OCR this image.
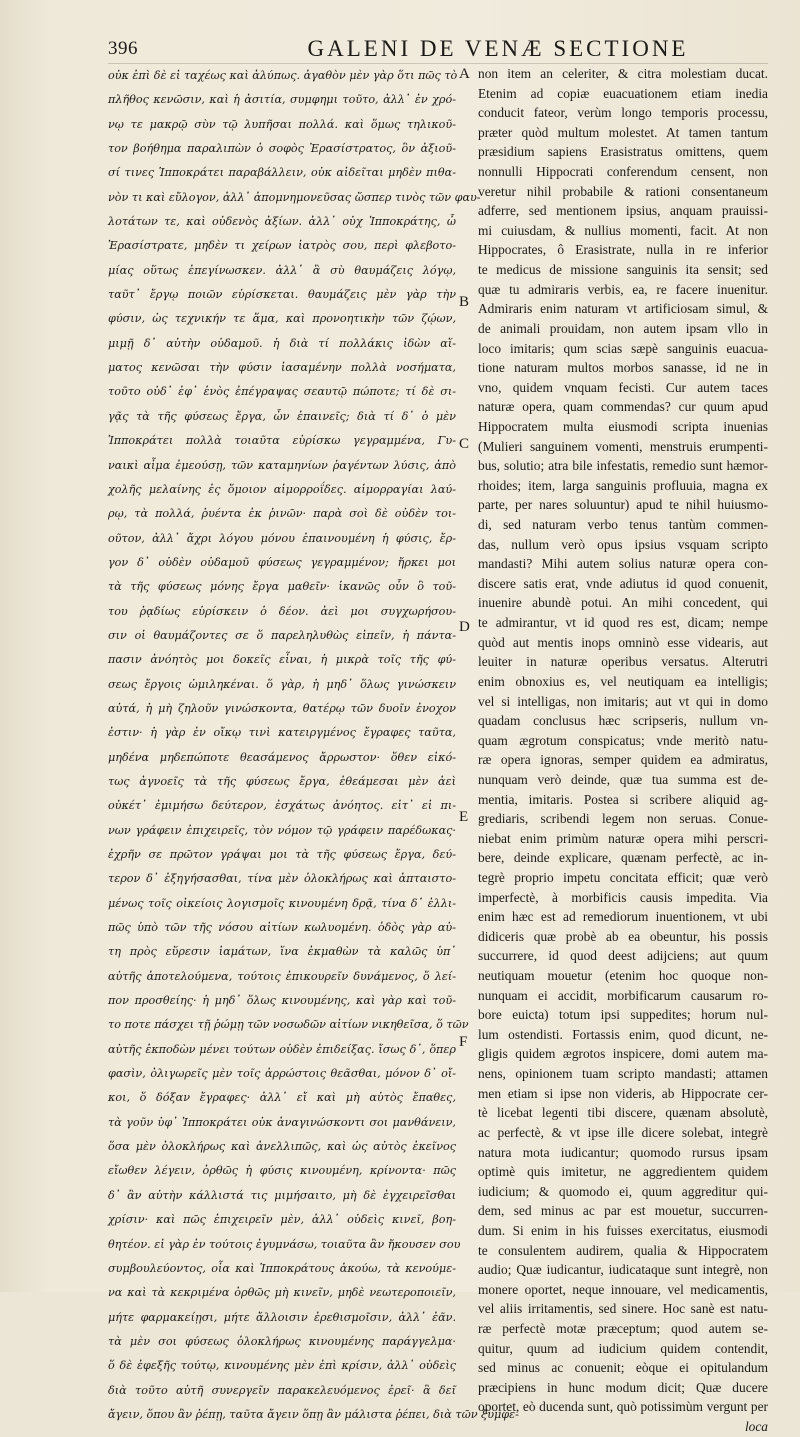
396	GALENI DE VENÆ SECTIONE
οὐκ ἐπὶ δὲ εἰ ταχέως καὶ ἀλύπως. ἀγαθὸν μὲν γὰρ ὅτι πῶς τὸ
πλῆθος κενῶσιν, καὶ ἡ ἀσιτία, συμφημι τοῦτο, ἀλλ᾽ ἐν χρό-
νῳ τε μακρῷ σὺν τῷ λυπῆσαι πολλά. καὶ ὅμως τηλικοῦ-
τον βοήθημα παραλιπὼν ὁ σοφὸς Ἐρασίστρατος, ὃν ἀξιοῦ-
σί τινες Ἱπποκράτει παραβάλλειν, οὐκ αἰδεῖται μηδὲν πιθα-
νὸν τι καὶ εὔλογον, ἀλλ᾽ ἀπομνημονεῦσας ὥσπερ τινὸς τῶν φαυ-
λοτάτων τε, καὶ οὐδενὸς ἀξίων. ἀλλ᾽ οὐχ Ἱπποκράτης, ὦ
Ἐρασίστρατε, μηδὲν τι χείρων ἰατρὸς σου, περὶ φλεβοτο-
μίας οὕτως ἐπεγίνωσκεν. ἀλλ᾽ ἃ σὺ θαυμάζεις λόγῳ,
ταῦτ᾽ ἔργῳ ποιῶν εὑρίσκεται. θαυμάζεις μὲν γὰρ τὴν
φύσιν, ὡς τεχνικήν τε ἅμα, καὶ προνοητικὴν τῶν ζῴων,
μιμῇ δ᾽ αὐτὴν οὐδαμοῦ. ἡ διὰ τί πολλάκις ἰδὼν αἵ-
ματος κενῶσαι τὴν φύσιν ἰασαμένην πολλὰ νοσήματα,
τοῦτο οὐδ᾽ ἐφ᾽ ἑνὸς ἐπέγραψας σεαυτῷ πώποτε; τί δὲ σι-
γᾷς τὰ τῆς φύσεως ἔργα, ὧν ἐπαινεῖς; διὰ τί δ᾽ ὁ μὲν
Ἱπποκράτει πολλὰ τοιαῦτα εὑρίσκω γεγραμμένα, Γυ-
ναικὶ αἷμα ἐμεούσῃ, τῶν καταμηνίων ῥαγέντων λύσις, ἀπὸ
χολῆς μελαίνης ἐς ὅμοιον αἱμορροΐδες. αἱμορραγίαι λαύ-
ρῳ, τὰ πολλά, ῥυέντα ἐκ ῥινῶν· παρὰ σοὶ δὲ οὐδὲν τοι-
οῦτον, ἀλλ᾽ ἄχρι λόγου μόνου ἐπαινουμένη ἡ φύσις, ἔρ-
γον δ᾽ οὐδὲν οὐδαμοῦ φύσεως γεγραμμένον; ἤρκει μοι
τὰ τῆς φύσεως μόνης ἔργα μαθεῖν· ἱκανῶς οὖν ὃ τοῦ-
του ῥᾳδίως εὑρίσκειν ὁ δέον. ἀεὶ μοι συγχωρήσου-
σιν οἱ θαυμάζοντες σε ὅ παρεληλυθὼς εἰπεῖν, ἡ πάντα-
πασιν ἀνόητὸς μοι δοκεῖς εἶναι, ἡ μικρὰ τοῖς τῆς φύ-
σεως ἔργοις ὡμιληκέναι. ὅ γὰρ, ἡ μηδ᾽ ὅλως γινώσκειν
αὐτά, ἡ μὴ ζηλοῦν γινώσκοντα, θατέρῳ τῶν δυοῖν ἐνοχον
ἐστιν· ἡ γὰρ ἐν οἴκῳ τινὶ κατειργμένος ἔγραφες ταῦτα,
μηδένα μηδεπώποτε θεασάμενος ἄρρωστον· ὅθεν εἰκό-
τως ἀγνοεῖς τὰ τῆς φύσεως ἔργα, ἐθεάμεσαι μὲν ἀεὶ
οὐκέτ᾽ ἐμιμήσω δεύτερον, ἐσχάτως ἀνόητος. εἰτ᾽ εἰ πι-
νων γράφειν ἐπιχειρεῖς, τὸν νόμον τῷ γράφειν παρέδωκας·
ἐχρῆν σε πρῶτον γράψαι μοι τὰ τῆς φύσεως ἔργα, δεύ-
τερον δ᾽ ἐξηγήσασθαι, τίνα μὲν ὁλοκλήρως καὶ ἀπταιστο-
μένως τοῖς οἰκείοις λογισμοῖς κινουμένη δρᾷ, τίνα δ᾽ ἐλλι-
πῶς ὑπὸ τῶν τῆς νόσου αἰτίων κωλυομένη. ὁδὸς γὰρ αὐ-
τη πρὸς εὕρεσιν ἰαμάτων, ἵνα ἐκμαθὼν τὰ καλῶς ὑπ᾽
αὐτῆς ἀποτελούμενα, τούτοις ἐπικουρεῖν δυνάμενος, ὅ λεί-
πον προσθείης· ἡ μηδ᾽ ὅλως κινουμένης, καὶ γὰρ καὶ τοῦ-
το ποτε πάσχει τῇ ῥώμῃ τῶν νοσωδῶν αἰτίων νικηθεῖσα, ὅ τῶν
αὐτῆς ἐκποδὼν μένει τούτων οὐδὲν ἐπιδείξας. ἴσως δ᾽, ὅπερ
φασὶν, ὀλιγωρεῖς μὲν τοῖς ἀρρώστοις θεᾶσθαι, μόνον δ᾽ οἴ-
κοι, ὅ δόξαν ἔγραφες· ἀλλ᾽ εἴ καὶ μὴ αὐτὸς ἔπαθες,
τὰ γοῦν ὑφ᾽ Ἱπποκράτει οὐκ ἀναγινώσκοντι σοι μανθάνειν,
ὅσα μὲν ὁλοκλήρως καὶ ἀνελλιπῶς, καὶ ὡς αὐτὸς ἐκεῖνος
εἴωθεν λέγειν, ὀρθῶς ἡ φύσις κινουμένη, κρίνοντα· πῶς
δ᾽ ἂν αὐτὴν κάλλιστά τις μιμήσαιτο, μὴ δὲ ἐγχειρεῖσθαι
χρίσιν· καὶ πῶς ἐπιχειρεῖν μὲν, ἀλλ᾽ οὐδεὶς κινεῖ, βοη-
θητέον. εἰ γὰρ ἐν τούτοις ἐγυμνάσω, τοιαῦτα ἂν ἤκουσεν σου
συμβουλεύοντος, οἷα καὶ Ἱπποκράτους ἀκούω, τὰ κενούμε-
να καὶ τὰ κεκριμένα ὀρθῶς μὴ κινεῖν, μηδὲ νεωτεροποιεῖν,
μήτε φαρμακείῃσι, μήτε ἄλλοισιν ἐρεθισμοῖσιν, ἀλλ᾽ ἐᾶν.
τὰ μὲν σοι φύσεως ὁλοκλήρως κινουμένης παράγγελμα·
ὅ δὲ ἐφεξῆς τούτῳ, κινουμένης μὲν ἐπὶ κρίσιν, ἀλλ᾽ οὐδεὶς
διὰ τοῦτο αὐτῆ συνεργεῖν παρακελευόμενος ἐρεῖ· ἃ δεῖ
ἄγειν, ὅπου ἂν ῥέπῃ, ταῦτα ἄγειν ὅπῃ ἂν μάλιστα ῥέπει, διὰ τῶν ξυμφε-
A
B
C
D
E
F
non item an celeriter, & citra molestiam ducat.
Etenim ad copiæ euacuationem etiam inedia
conducit fateor, verùm longo temporis processu,
præter quòd multum molestet. At tamen tantum
præsidium sapiens Erasistratus omittens, quem
nonnulli Hippocrati conferendum censent, non
veretur nihil probabile & rationi consentaneum
adferre, sed mentionem ipsius, anquam prauissi-
mi cuiusdam, & nullius momenti, facit. At non
Hippocrates, ô Erasistrate, nulla in re inferior
te medicus de missione sanguinis ita sensit; sed
quæ tu admiraris verbis, ea, re facere inuenitur.
Admiraris enim naturam vt artificiosam simul, &
de animali prouidam, non autem ipsam vllo in
loco imitaris; qum scias sæpè sanguinis euacua-
tione naturam multos morbos sanasse, id ne in
vno, quidem vnquam fecisti. Cur autem taces
naturæ opera, quam commendas? cur quum apud
Hippocratem multa eiusmodi scripta inuenias
(Mulieri sanguinem vomenti, menstruis erumpenti-
bus, solutio; atra bile infestatis, remedio sunt hæmor-
rhoides; item, larga sanguinis profluuia, magna ex
parte, per nares soluuntur) apud te nihil huiusmo-
di, sed naturam verbo tenus tantùm commen-
das, nullum verò opus ipsius vsquam scripto
mandasti? Mihi autem solius naturæ opera con-
discere satis erat, vnde adiutus id quod conuenit,
inuenire abundè potui. An mihi concedent, qui
te admirantur, vt id quod res est, dicam; nempe
quòd aut mentis inops omninò esse videaris, aut
leuiter in naturæ operibus versatus. Alterutri
enim obnoxius es, vel neutiquam ea intelligis;
vel si intelligas, non imitaris; aut vt qui in domo
quadam conclusus hæc scripseris, nullum vn-
quam ægrotum conspicatus; vnde meritò natu-
ræ opera ignoras, semper quidem ea admiratus,
nunquam verò deinde, quæ tua summa est de-
mentia, imitaris. Postea si scribere aliquid ag-
grediaris, scribendi legem non seruas. Conue-
niebat enim primùm naturæ opera mihi perscri-
bere, deinde explicare, quænam perfectè, ac in-
tegrè proprio impetu concitata efficit; quæ verò
imperfectè, à morbificis causis impedita. Via
enim hæc est ad remediorum inuentionem, vt ubi
didiceris quæ probè ab ea obeuntur, his possis
succurrere, id quod deest adijciens; aut quum
neutiquam mouetur (etenim hoc quoque non-
nunquam ei accidit, morbificarum causarum ro-
bore euicta) totum ipsi suppedites; horum nul-
lum ostendisti. Fortassis enim, quod dicunt, ne-
gligis quidem ægrotos inspicere, domi autem ma-
nens, opinionem tuam scripto mandasti; attamen
men etiam si ipse non videris, ab Hippocrate cer-
tè licebat legenti tibi discere, quænam absolutè,
ac perfectè, & vt ipse ille dicere solebat, integrè
natura mota iudicantur; quomodo rursus ipsam
optimè quis imitetur, ne aggredientem quidem
iudicium; & quomodo ei, quum aggreditur qui-
dem, sed minus ac par est mouetur, succurren-
dum. Si enim in his fuisses exercitatus, eiusmodi
te consulentem audirem, qualia & Hippocratem
audio; Quæ iudicantur, iudicataque sunt integrè, non
monere oportet, neque innouare, vel medicamentis,
vel aliis irritamentis, sed sinere. Hoc sanè est natu-
ræ perfectè motæ præceptum; quod autem se-
quitur, quum ad iudicium quidem contendit,
sed minus ac conuenit; eòque ei opitulandum
præcipiens in hunc modum dicit; Quæ ducere
oportet, eò ducenda sunt, quò potissimùm vergunt per
loca
